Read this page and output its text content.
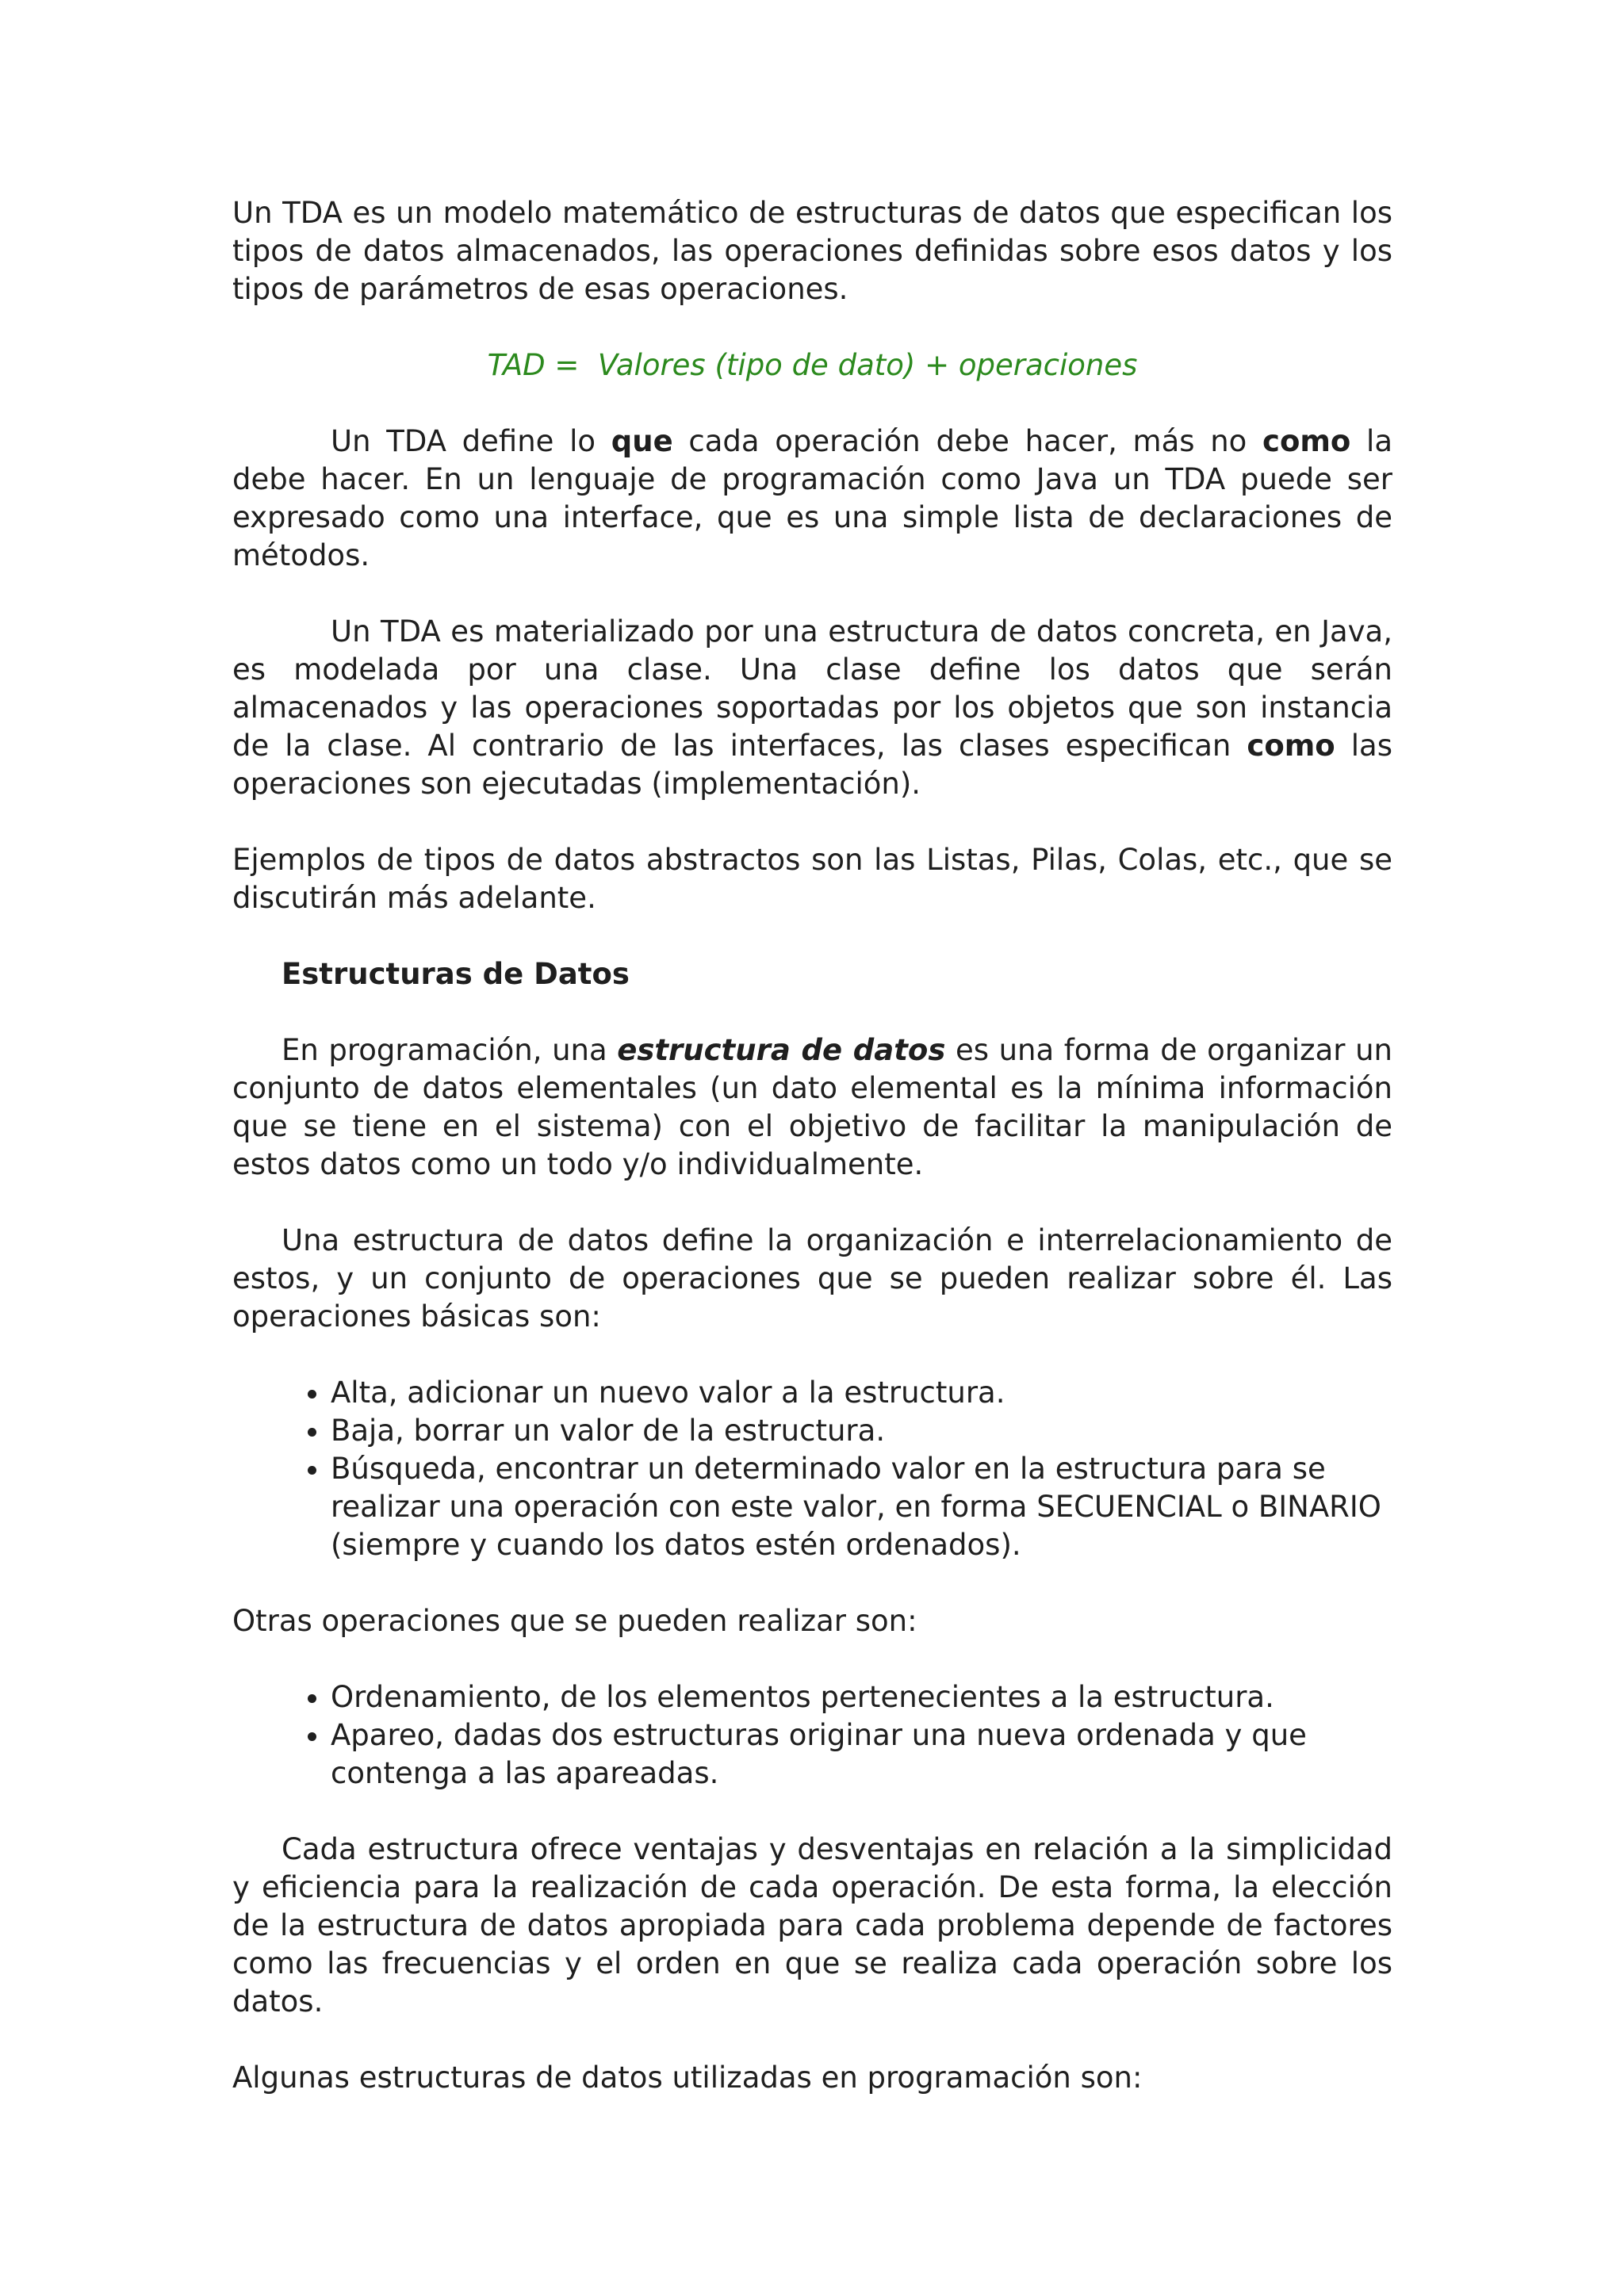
Un TDA es un modelo matemático de estructuras de datos que especifican los tipos de datos almacenados, las operaciones definidas sobre esos datos y los tipos de parámetros de esas operaciones.

TAD =  Valores (tipo de dato) + operaciones

Un TDA define lo que cada operación debe hacer, más no como la debe hacer. En un lenguaje de programación como Java un TDA puede ser expresado como una interface, que es una simple lista de declaraciones de métodos.

Un TDA es materializado por una estructura de datos concreta, en Java, es modelada por una clase. Una clase define los datos que serán almacenados y las operaciones soportadas por los objetos que son instancia de la clase. Al contrario de las interfaces, las clases especifican como las operaciones son ejecutadas (implementación).

Ejemplos de tipos de datos abstractos son las Listas, Pilas, Colas, etc., que se discutirán más adelante.

Estructuras de Datos

En programación, una estructura de datos es una forma de organizar un conjunto de datos elementales (un dato elemental es la mínima información que se tiene en el sistema) con el objetivo de facilitar la manipulación de estos datos como un todo y/o individualmente.

Una estructura de datos define la organización e interrelacionamiento de estos, y un conjunto de operaciones que se pueden realizar sobre él. Las operaciones básicas son:

• Alta, adicionar un nuevo valor a la estructura.
• Baja, borrar un valor de la estructura.
• Búsqueda, encontrar un determinado valor en la estructura para se realizar una operación con este valor, en forma SECUENCIAL o BINARIO (siempre y cuando los datos estén ordenados).

Otras operaciones que se pueden realizar son:

• Ordenamiento, de los elementos pertenecientes a la estructura.
• Apareo, dadas dos estructuras originar una nueva ordenada y que contenga a las apareadas.

Cada estructura ofrece ventajas y desventajas en relación a la simplicidad y eficiencia para la realización de cada operación. De esta forma, la elección de la estructura de datos apropiada para cada problema depende de factores como las frecuencias y el orden en que se realiza cada operación sobre los datos.

Algunas estructuras de datos utilizadas en programación son:
